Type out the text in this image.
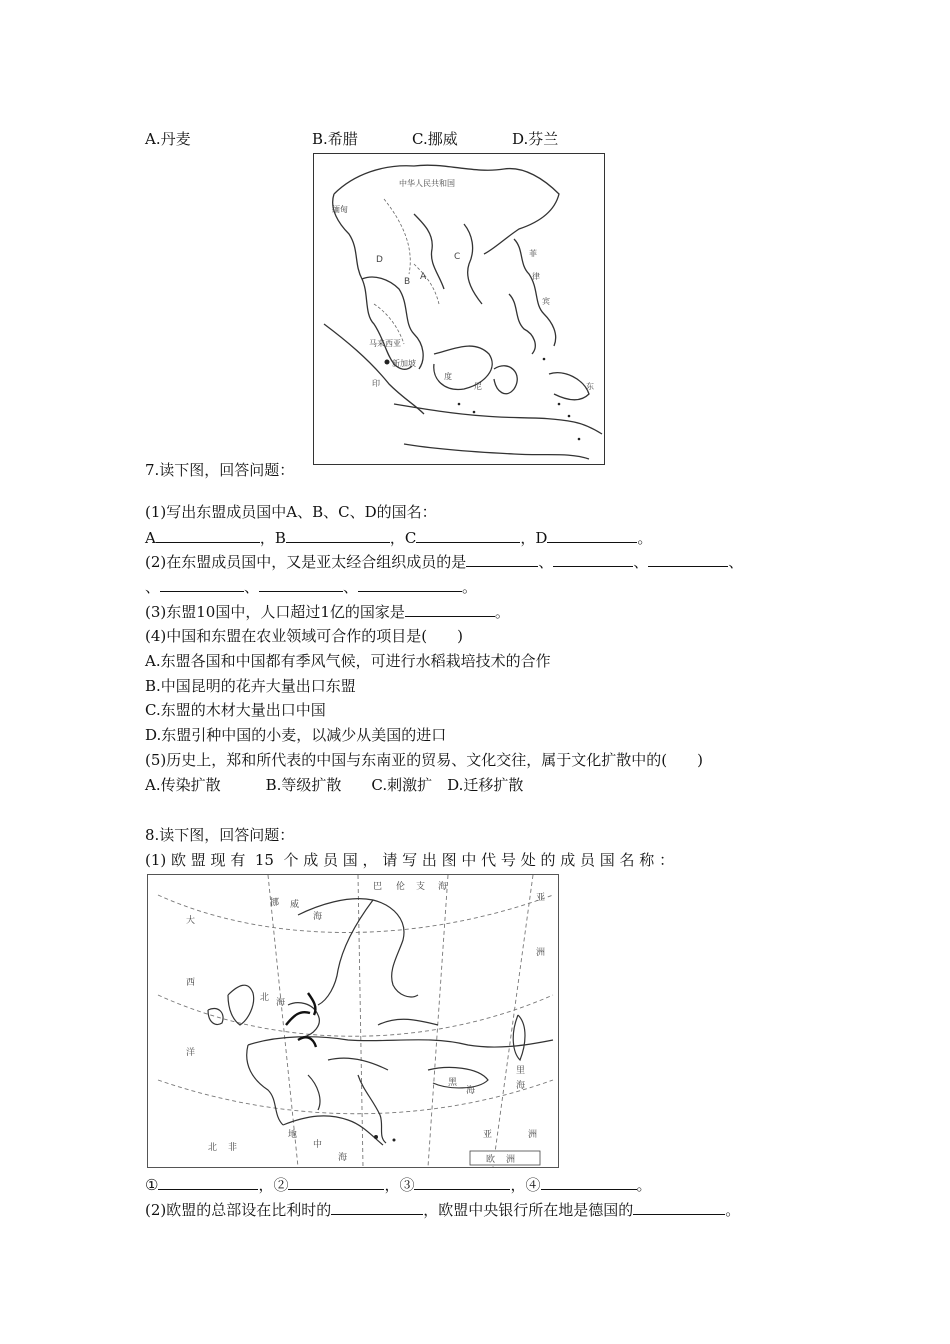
A.丹麦	B.希腊	C.挪威	D.芬兰
中华人民共和国
缅甸
D
A
B
C	菲
律
宾
马来西亚
新加坡
印
度
尼	东
7.读下图，回答问题：
(1)写出东盟成员国中A、B、C、D的国名：
A	，B	，C	，D	。
(2)在东盟成员国中，又是亚太经合组织成员的是	、	、	、
、	、	、	。
(3)东盟10国中，人口超过1亿的国家是	。
(4)中国和东盟在农业领域可合作的项目是(　　)
A.东盟各国和中国都有季风气候，可进行水稻栽培技术的合作
B.中国昆明的花卉大量出口东盟
C.东盟的木材大量出口中国
D.东盟引种中国的小麦，以减少从美国的进口
(5)历史上，郑和所代表的中国与东南亚的贸易、文化交往，属于文化扩散中的(　　)
A.传染扩散　　　B.等级扩散　　C.刺激扩　D.迁移扩散
8.读下图，回答问题：
(1) 欧 盟 现 有  15  个 成 员 国 ， 请 写 出 图 中 代 号 处 的 成 员 国 名 称 ：
巴 伦 支 海
挪 威
海
大
西
洋
北 海
亚
洲
黑
海
里
海
地
中
海
亚	洲
欧 洲
北 非
①	，②	，③	，④	。
(2)欧盟的总部设在比利时的	，欧盟中央银行所在地是德国的	。
